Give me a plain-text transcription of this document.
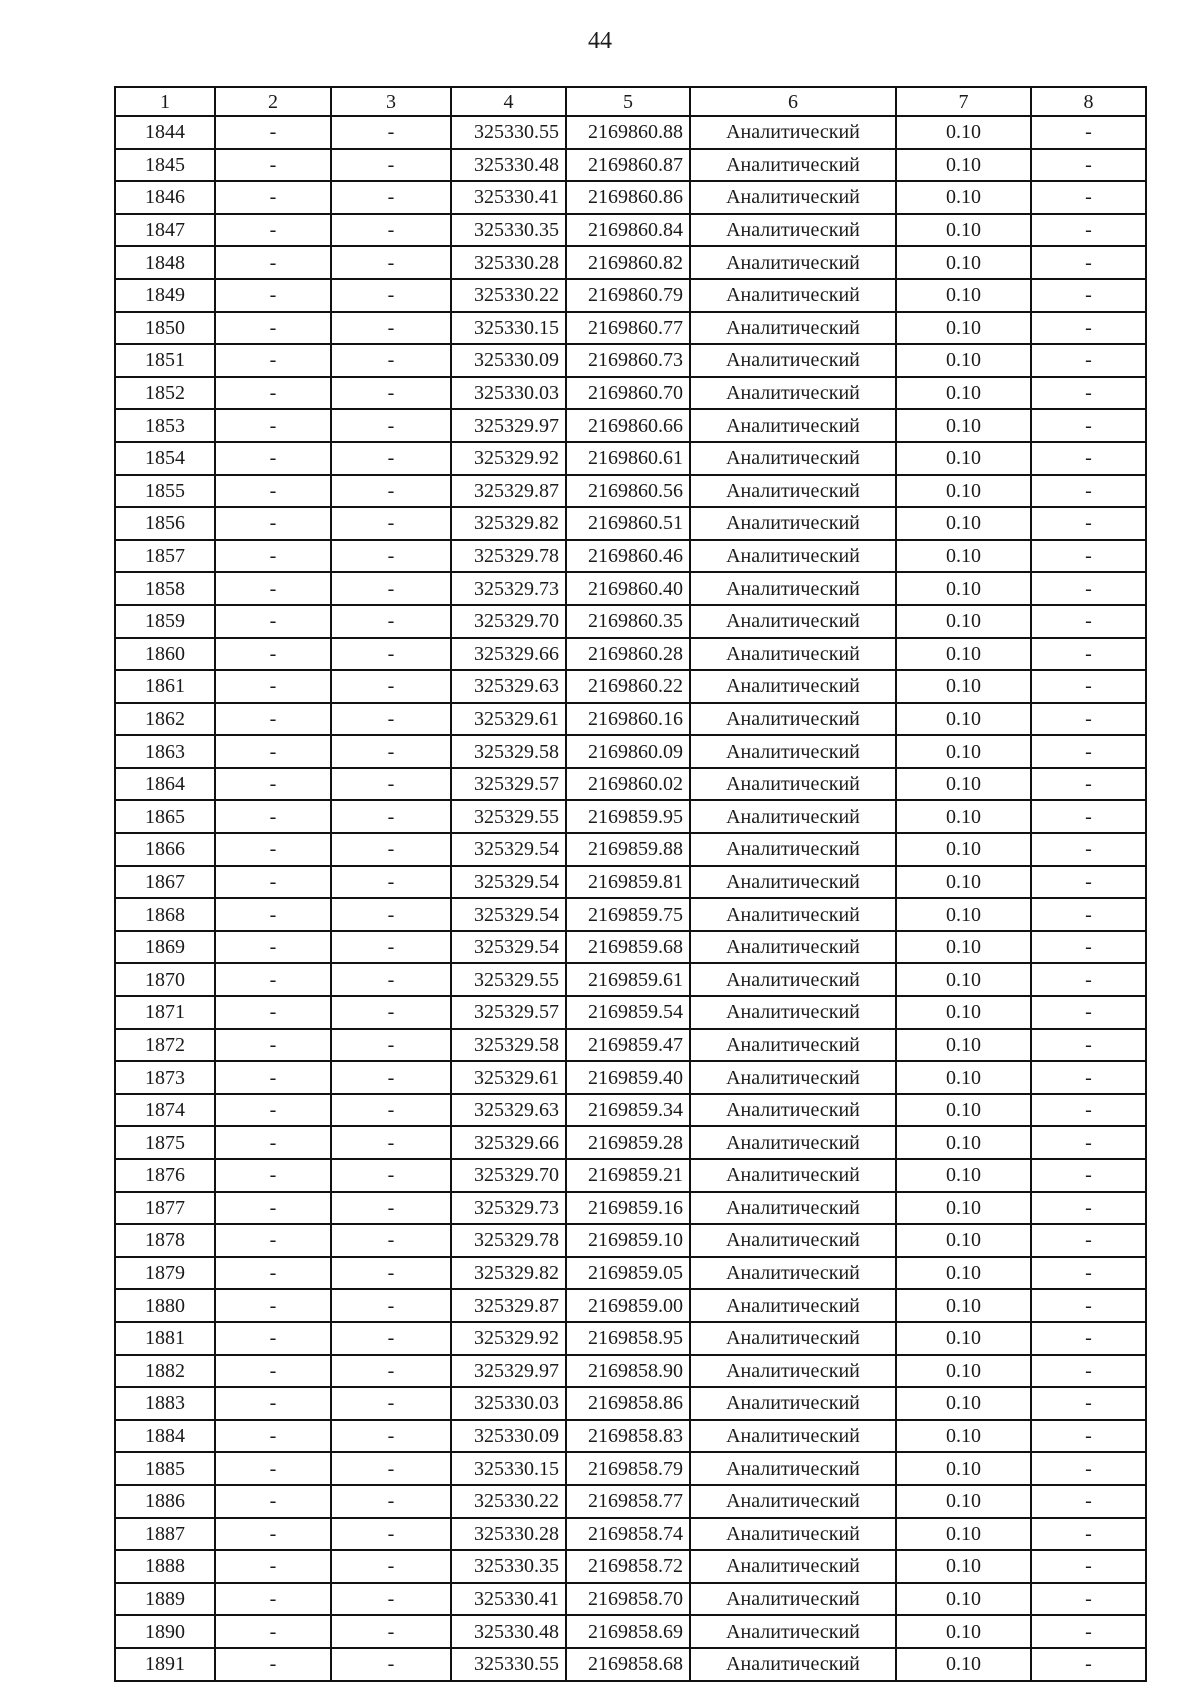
44
1	2	3	4	5	6	7	8
1844	-	-	325330.55	2169860.88	Аналитический	0.10	-
1845	-	-	325330.48	2169860.87	Аналитический	0.10	-
1846	-	-	325330.41	2169860.86	Аналитический	0.10	-
1847	-	-	325330.35	2169860.84	Аналитический	0.10	-
1848	-	-	325330.28	2169860.82	Аналитический	0.10	-
1849	-	-	325330.22	2169860.79	Аналитический	0.10	-
1850	-	-	325330.15	2169860.77	Аналитический	0.10	-
1851	-	-	325330.09	2169860.73	Аналитический	0.10	-
1852	-	-	325330.03	2169860.70	Аналитический	0.10	-
1853	-	-	325329.97	2169860.66	Аналитический	0.10	-
1854	-	-	325329.92	2169860.61	Аналитический	0.10	-
1855	-	-	325329.87	2169860.56	Аналитический	0.10	-
1856	-	-	325329.82	2169860.51	Аналитический	0.10	-
1857	-	-	325329.78	2169860.46	Аналитический	0.10	-
1858	-	-	325329.73	2169860.40	Аналитический	0.10	-
1859	-	-	325329.70	2169860.35	Аналитический	0.10	-
1860	-	-	325329.66	2169860.28	Аналитический	0.10	-
1861	-	-	325329.63	2169860.22	Аналитический	0.10	-
1862	-	-	325329.61	2169860.16	Аналитический	0.10	-
1863	-	-	325329.58	2169860.09	Аналитический	0.10	-
1864	-	-	325329.57	2169860.02	Аналитический	0.10	-
1865	-	-	325329.55	2169859.95	Аналитический	0.10	-
1866	-	-	325329.54	2169859.88	Аналитический	0.10	-
1867	-	-	325329.54	2169859.81	Аналитический	0.10	-
1868	-	-	325329.54	2169859.75	Аналитический	0.10	-
1869	-	-	325329.54	2169859.68	Аналитический	0.10	-
1870	-	-	325329.55	2169859.61	Аналитический	0.10	-
1871	-	-	325329.57	2169859.54	Аналитический	0.10	-
1872	-	-	325329.58	2169859.47	Аналитический	0.10	-
1873	-	-	325329.61	2169859.40	Аналитический	0.10	-
1874	-	-	325329.63	2169859.34	Аналитический	0.10	-
1875	-	-	325329.66	2169859.28	Аналитический	0.10	-
1876	-	-	325329.70	2169859.21	Аналитический	0.10	-
1877	-	-	325329.73	2169859.16	Аналитический	0.10	-
1878	-	-	325329.78	2169859.10	Аналитический	0.10	-
1879	-	-	325329.82	2169859.05	Аналитический	0.10	-
1880	-	-	325329.87	2169859.00	Аналитический	0.10	-
1881	-	-	325329.92	2169858.95	Аналитический	0.10	-
1882	-	-	325329.97	2169858.90	Аналитический	0.10	-
1883	-	-	325330.03	2169858.86	Аналитический	0.10	-
1884	-	-	325330.09	2169858.83	Аналитический	0.10	-
1885	-	-	325330.15	2169858.79	Аналитический	0.10	-
1886	-	-	325330.22	2169858.77	Аналитический	0.10	-
1887	-	-	325330.28	2169858.74	Аналитический	0.10	-
1888	-	-	325330.35	2169858.72	Аналитический	0.10	-
1889	-	-	325330.41	2169858.70	Аналитический	0.10	-
1890	-	-	325330.48	2169858.69	Аналитический	0.10	-
1891	-	-	325330.55	2169858.68	Аналитический	0.10	-
